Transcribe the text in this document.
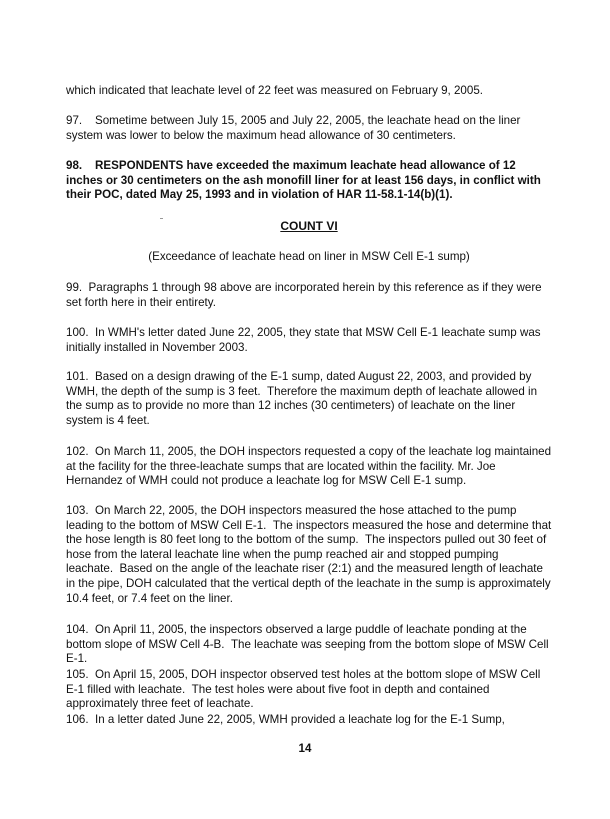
which indicated that leachate level of 22 feet was measured on February 9, 2005.

97.    Sometime between July 15, 2005 and July 22, 2005, the leachate head on the liner system was lower to below the maximum head allowance of 30 centimeters.

98.    RESPONDENTS have exceeded the maximum leachate head allowance of 12 inches or 30 centimeters on the ash monofill liner for at least 156 days, in conflict with their POC, dated May 25, 1993 and in violation of HAR 11-58.1-14(b)(1).

COUNT VI

(Exceedance of leachate head on liner in MSW Cell E-1 sump)

99.  Paragraphs 1 through 98 above are incorporated herein by this reference as if they were set forth here in their entirety.

100.  In WMH's letter dated June 22, 2005, they state that MSW Cell E-1 leachate sump was initially installed in November 2003.

101.  Based on a design drawing of the E-1 sump, dated August 22, 2003, and provided by WMH, the depth of the sump is 3 feet.  Therefore the maximum depth of leachate allowed in the sump as to provide no more than 12 inches (30 centimeters) of leachate on the liner system is 4 feet.

102.  On March 11, 2005, the DOH inspectors requested a copy of the leachate log maintained at the facility for the three-leachate sumps that are located within the facility. Mr. Joe Hernandez of WMH could not produce a leachate log for MSW Cell E-1 sump.

103.  On March 22, 2005, the DOH inspectors measured the hose attached to the pump leading to the bottom of MSW Cell E-1.  The inspectors measured the hose and determine that the hose length is 80 feet long to the bottom of the sump.  The inspectors pulled out 30 feet of hose from the lateral leachate line when the pump reached air and stopped pumping leachate.  Based on the angle of the leachate riser (2:1) and the measured length of leachate in the pipe, DOH calculated that the vertical depth of the leachate in the sump is approximately 10.4 feet, or 7.4 feet on the liner.

104.  On April 11, 2005, the inspectors observed a large puddle of leachate ponding at the bottom slope of MSW Cell 4-B.  The leachate was seeping from the bottom slope of MSW Cell E-1.

105.  On April 15, 2005, DOH inspector observed test holes at the bottom slope of MSW Cell E-1 filled with leachate.  The test holes were about five foot in depth and contained approximately three feet of leachate.

106.  In a letter dated June 22, 2005, WMH provided a leachate log for the E-1 Sump,

14
